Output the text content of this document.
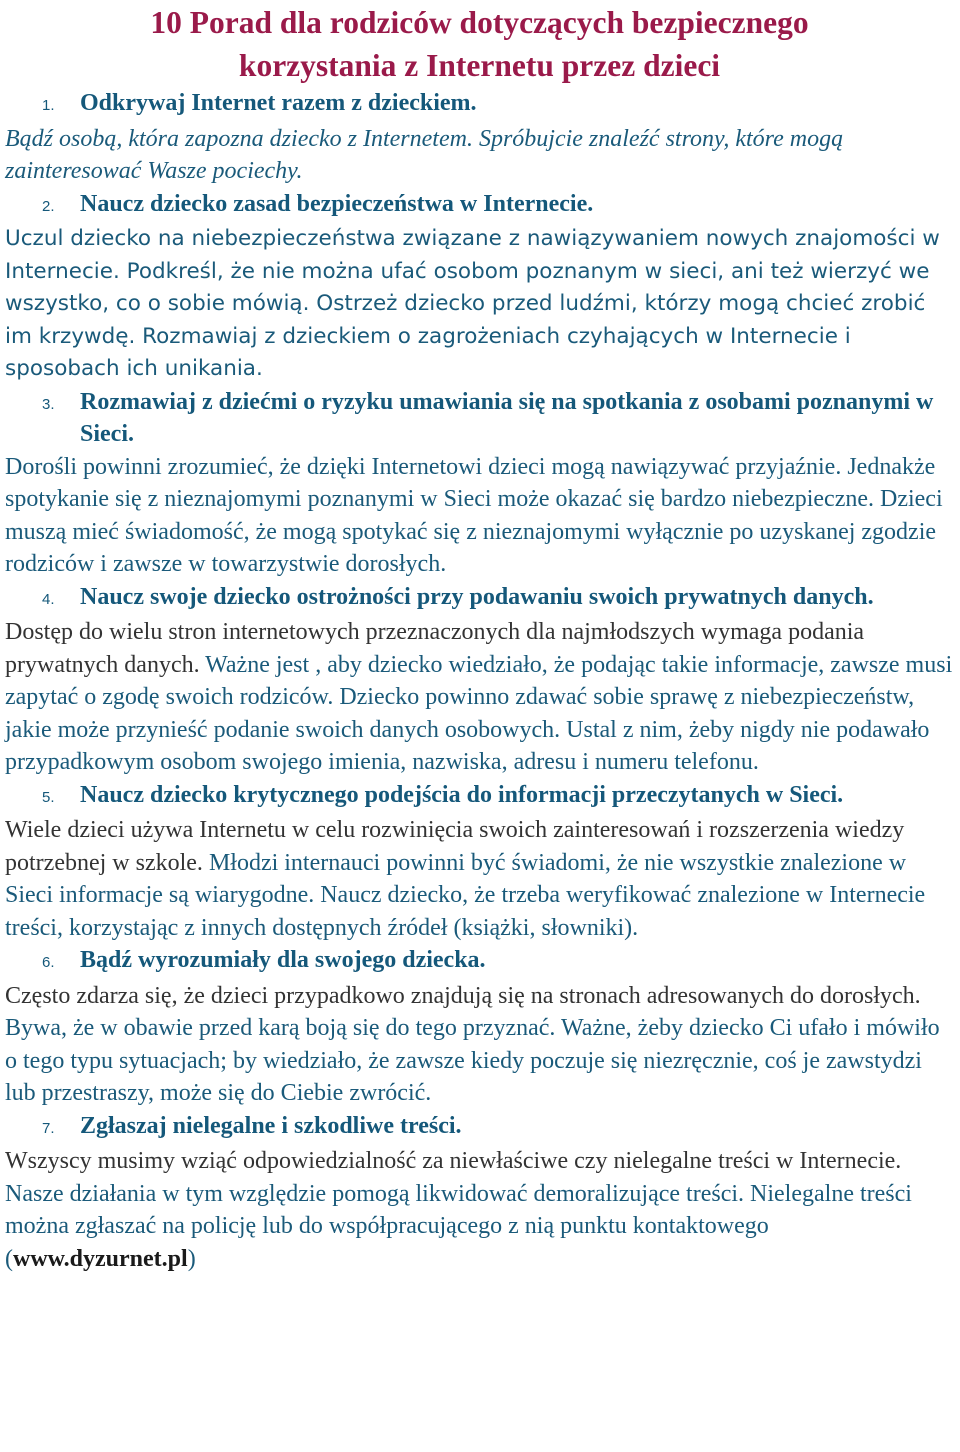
10 Porad dla rodziców dotyczących bezpiecznego
korzystania z Internetu przez dzieci
1.	Odkrywaj Internet razem z dzieckiem.

Bądź osobą, która zapozna dziecko z Internetem. Spróbujcie znaleźć strony, które mogą zainteresować Wasze pociechy.

2.	Naucz dziecko zasad bezpieczeństwa w Internecie.

Uczul dziecko na niebezpieczeństwa związane z nawiązywaniem nowych znajomości w Internecie. Podkreśl, że nie można ufać osobom poznanym w sieci, ani też wierzyć we wszystko, co o sobie mówią. Ostrzeż dziecko przed ludźmi, którzy mogą chcieć zrobić im krzywdę. Rozmawiaj z dzieckiem o zagrożeniach czyhających w Internecie i sposobach ich unikania.

3.	Rozmawiaj z dziećmi o ryzyku umawiania się na spotkania z osobami poznanymi w Sieci.

Dorośli powinni zrozumieć, że dzięki Internetowi dzieci mogą nawiązywać przyjaźnie. Jednakże spotykanie się z nieznajomymi poznanymi w Sieci może okazać się bardzo niebezpieczne. Dzieci muszą mieć świadomość, że mogą spotykać się z nieznajomymi wyłącznie po uzyskanej zgodzie rodziców i zawsze w towarzystwie dorosłych.

4.	Naucz swoje dziecko ostrożności przy podawaniu swoich prywatnych danych.

Dostęp do wielu stron internetowych przeznaczonych dla najmłodszych wymaga podania prywatnych danych. Ważne jest , aby dziecko wiedziało, że podając takie informacje, zawsze musi zapytać o zgodę swoich rodziców. Dziecko powinno zdawać sobie sprawę z niebezpieczeństw, jakie może przynieść podanie swoich danych osobowych. Ustal z nim, żeby nigdy nie podawało przypadkowym osobom swojego imienia, nazwiska, adresu i numeru telefonu.

5.	Naucz dziecko krytycznego podejścia do informacji przeczytanych w Sieci.

Wiele dzieci używa Internetu w celu rozwinięcia swoich zainteresowań i rozszerzenia wiedzy potrzebnej w szkole. Młodzi internauci powinni być świadomi, że nie wszystkie znalezione w Sieci informacje są wiarygodne. Naucz dziecko, że trzeba weryfikować znalezione w Internecie treści, korzystając z innych dostępnych źródeł (książki, słowniki).

6.	Bądź wyrozumiały dla swojego dziecka.

Często zdarza się, że dzieci przypadkowo znajdują się na stronach adresowanych do dorosłych. Bywa, że w obawie przed karą boją się do tego przyznać. Ważne, żeby dziecko Ci ufało i mówiło o tego typu sytuacjach; by wiedziało, że zawsze kiedy poczuje się niezręcznie, coś je zawstydzi lub przestraszy, może się do Ciebie zwrócić.

7.	Zgłaszaj nielegalne i szkodliwe treści.

Wszyscy musimy wziąć odpowiedzialność za niewłaściwe czy nielegalne treści w Internecie. Nasze działania w tym względzie pomogą likwidować demoralizujące treści. Nielegalne treści można zgłaszać na policję lub do współpracującego z nią punktu kontaktowego (www.dyzurnet.pl)
